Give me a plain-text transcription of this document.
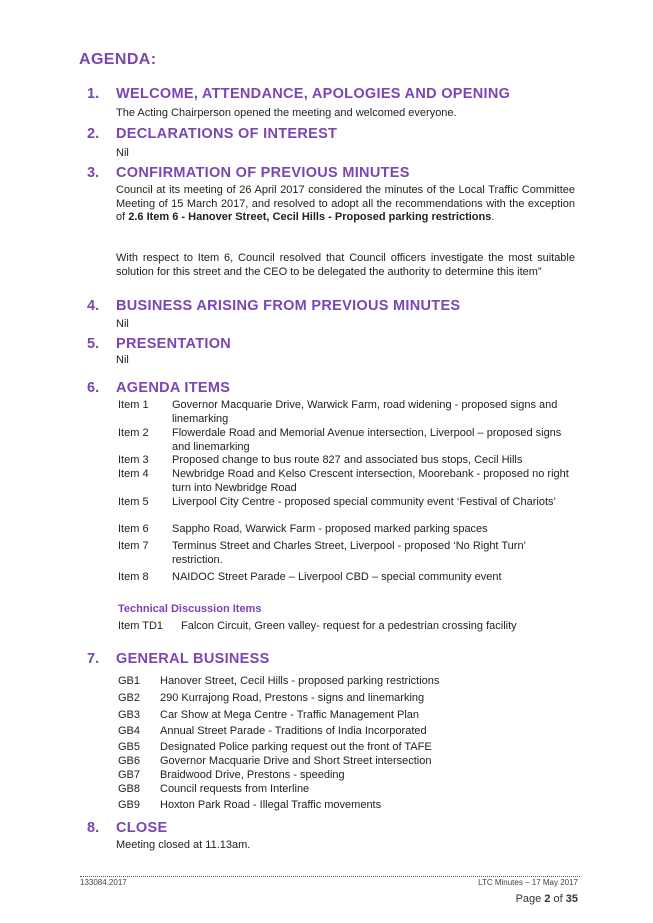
AGENDA:
1. WELCOME, ATTENDANCE, APOLOGIES AND OPENING
The Acting Chairperson opened the meeting and welcomed everyone.
2. DECLARATIONS OF INTEREST
Nil
3. CONFIRMATION OF PREVIOUS MINUTES
Council at its meeting of 26 April 2017 considered the minutes of the Local Traffic Committee Meeting of 15 March 2017, and resolved to adopt all the recommendations with the exception of 2.6 Item 6 - Hanover Street, Cecil Hills - Proposed parking restrictions.
With respect to Item 6, Council resolved that Council officers investigate the most suitable solution for this street and the CEO to be delegated the authority to determine this item”
4. BUSINESS ARISING FROM PREVIOUS MINUTES
Nil
5. PRESENTATION
Nil
6. AGENDA ITEMS
Item 1 Governor Macquarie Drive, Warwick Farm, road widening - proposed signs and linemarking
Item 2 Flowerdale Road and Memorial Avenue intersection, Liverpool – proposed signs and linemarking
Item 3 Proposed change to bus route 827 and associated bus stops, Cecil Hills
Item 4 Newbridge Road and Kelso Crescent intersection, Moorebank - proposed no right turn into Newbridge Road
Item 5 Liverpool City Centre - proposed special community event ‘Festival of Chariots’
Item 6 Sappho Road, Warwick Farm - proposed marked parking spaces
Item 7 Terminus Street and Charles Street, Liverpool - proposed ‘No Right Turn’ restriction.
Item 8 NAIDOC Street Parade – Liverpool CBD – special community event
Technical Discussion Items
Item TD1 Falcon Circuit, Green valley- request for a pedestrian crossing facility
7. GENERAL BUSINESS
GB1 Hanover Street, Cecil Hills - proposed parking restrictions
GB2 290 Kurrajong Road, Prestons - signs and linemarking
GB3 Car Show at Mega Centre - Traffic Management Plan
GB4 Annual Street Parade - Traditions of India Incorporated
GB5 Designated Police parking request out the front of TAFE
GB6 Governor Macquarie Drive and Short Street intersection
GB7 Braidwood Drive, Prestons - speeding
GB8 Council requests from Interline
GB9 Hoxton Park Road - Illegal Traffic movements
8. CLOSE
Meeting closed at 11.13am.
133084.2017	LTC Minutes – 17 May 2017
Page 2 of 35
